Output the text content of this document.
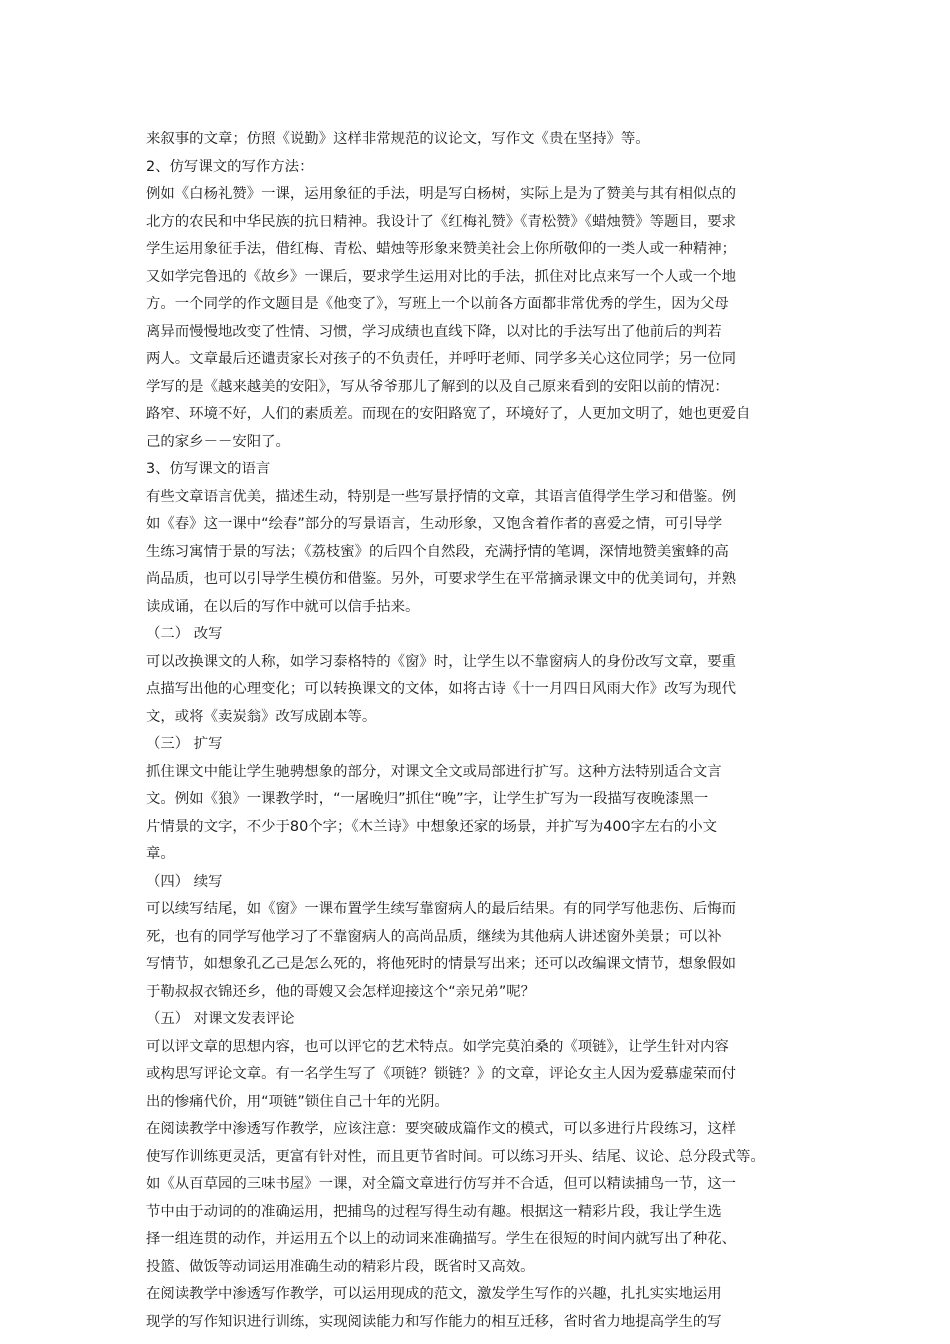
来叙事的文章；仿照《说勤》这样非常规范的议论文，写作文《贵在坚持》等。
2、仿写课文的写作方法：
例如《白杨礼赞》一课，运用象征的手法，明是写白杨树，实际上是为了赞美与其有相似点的
北方的农民和中华民族的抗日精神。我设计了《红梅礼赞》《青松赞》《蜡烛赞》等题目，要求
学生运用象征手法，借红梅、青松、蜡烛等形象来赞美社会上你所敬仰的一类人或一种精神；
又如学完鲁迅的《故乡》一课后，要求学生运用对比的手法，抓住对比点来写一个人或一个地
方。一个同学的作文题目是《他变了》，写班上一个以前各方面都非常优秀的学生，因为父母
离异而慢慢地改变了性情、习惯，学习成绩也直线下降，以对比的手法写出了他前后的判若
两人。文章最后还谴责家长对孩子的不负责任，并呼吁老师、同学多关心这位同学；另一位同
学写的是《越来越美的安阳》，写从爷爷那儿了解到的以及自己原来看到的安阳以前的情况：
路窄、环境不好，人们的素质差。而现在的安阳路宽了，环境好了，人更加文明了，她也更爱自
己的家乡－－安阳了。
3、仿写课文的语言
有些文章语言优美，描述生动，特别是一些写景抒情的文章，其语言值得学生学习和借鉴。例
如《春》这一课中“绘春”部分的写景语言，生动形象，又饱含着作者的喜爱之情，可引导学
生练习寓情于景的写法；《荔枝蜜》的后四个自然段，充满抒情的笔调，深情地赞美蜜蜂的高
尚品质，也可以引导学生模仿和借鉴。另外，可要求学生在平常摘录课文中的优美词句，并熟
读成诵，在以后的写作中就可以信手拈来。
（二） 改写
可以改换课文的人称，如学习泰格特的《窗》时，让学生以不靠窗病人的身份改写文章，要重
点描写出他的心理变化；可以转换课文的文体，如将古诗《十一月四日风雨大作》改写为现代
文，或将《卖炭翁》改写成剧本等。
（三） 扩写
抓住课文中能让学生驰骋想象的部分，对课文全文或局部进行扩写。这种方法特别适合文言
文。例如《狼》一课教学时，“一屠晚归”抓住“晚”字，让学生扩写为一段描写夜晚漆黑一
片情景的文字，不少于80个字；《木兰诗》中想象还家的场景，并扩写为400字左右的小文
章。
（四） 续写
可以续写结尾，如《窗》一课布置学生续写靠窗病人的最后结果。有的同学写他悲伤、后悔而
死，也有的同学写他学习了不靠窗病人的高尚品质，继续为其他病人讲述窗外美景；可以补
写情节，如想象孔乙己是怎么死的，将他死时的情景写出来；还可以改编课文情节，想象假如
于勒叔叔衣锦还乡，他的哥嫂又会怎样迎接这个“亲兄弟”呢？
（五） 对课文发表评论
可以评文章的思想内容，也可以评它的艺术特点。如学完莫泊桑的《项链》，让学生针对内容
或构思写评论文章。有一名学生写了《项链？锁链？》的文章，评论女主人因为爱慕虚荣而付
出的惨痛代价，用“项链”锁住自己十年的光阴。
在阅读教学中渗透写作教学，应该注意：要突破成篇作文的模式，可以多进行片段练习，这样
使写作训练更灵活，更富有针对性，而且更节省时间。可以练习开头、结尾、议论、总分段式等。
如《从百草园的三味书屋》一课，对全篇文章进行仿写并不合适，但可以精读捕鸟一节，这一
节中由于动词的的准确运用，把捕鸟的过程写得生动有趣。根据这一精彩片段，我让学生选
择一组连贯的动作，并运用五个以上的动词来准确描写。学生在很短的时间内就写出了种花、
投篮、做饭等动词运用准确生动的精彩片段，既省时又高效。
在阅读教学中渗透写作教学，可以运用现成的范文，激发学生写作的兴趣，扎扎实实地运用
现学的写作知识进行训练，实现阅读能力和写作能力的相互迁移，省时省力地提高学生的写
